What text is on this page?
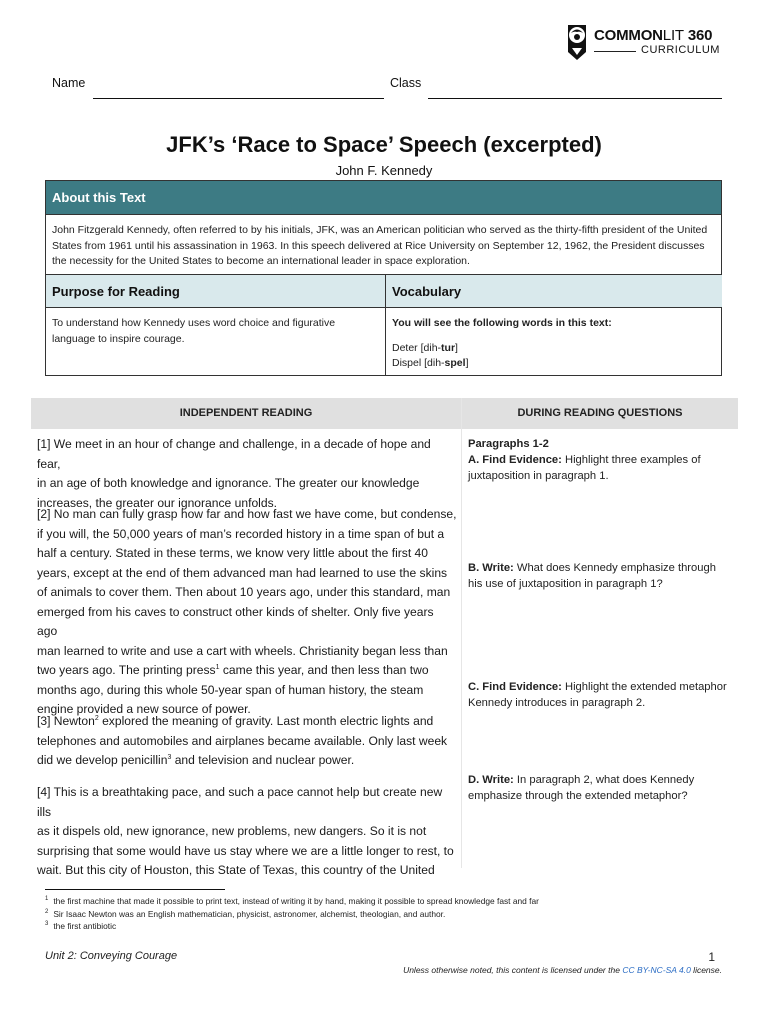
COMMONLIT 360
CURRICULUM
Name	Class
JFK’s ‘Race to Space’ Speech (excerpted)
John F. Kennedy
About this Text
John Fitzgerald Kennedy, often referred to by his initials, JFK, was an American politician who served as the thirty-fifth president of the United States from 1961 until his assassination in 1963. In this speech delivered at Rice University on September 12, 1962, the President discusses the necessity for the United States to become an international leader in space exploration.
Purpose for Reading	Vocabulary
To understand how Kennedy uses word choice and figurative language to inspire courage.
You will see the following words in this text:
Deter [dih-tur]
Dispel [dih-spel]
INDEPENDENT READING	DURING READING QUESTIONS

[1] We meet in an hour of change and challenge, in a decade of hope and fear,
in an age of both knowledge and ignorance. The greater our knowledge
increases, the greater our ignorance unfolds.

[2] No man can fully grasp how far and how fast we have come, but condense,
if you will, the 50,000 years of man’s recorded history in a time span of but a
half a century. Stated in these terms, we know very little about the first 40
years, except at the end of them advanced man had learned to use the skins
of animals to cover them. Then about 10 years ago, under this standard, man
emerged from his caves to construct other kinds of shelter. Only five years ago
man learned to write and use a cart with wheels. Christianity began less than
two years ago. The printing press$^1$ came this year, and then less than two
months ago, during this whole 50-year span of human history, the steam
engine provided a new source of power.

[3] Newton$^2$ explored the meaning of gravity. Last month electric lights and
telephones and automobiles and airplanes became available. Only last week
did we develop penicillin$^3$ and television and nuclear power.

[4] This is a breathtaking pace, and such a pace cannot help but create new ills
as it dispels old, new ignorance, new problems, new dangers. So it is not
surprising that some would have us stay where we are a little longer to rest, to
wait. But this city of Houston, this State of Texas, this country of the United

Paragraphs 1-2
A. Find Evidence: Highlight three examples of juxtaposition in paragraph 1.

B. Write: What does Kennedy emphasize through his use of juxtaposition in paragraph 1?

C. Find Evidence: Highlight the extended metaphor Kennedy introduces in paragraph 2.

D. Write: In paragraph 2, what does Kennedy emphasize through the extended metaphor?

$^1$ the first machine that made it possible to print text, instead of writing it by hand, making it possible to spread knowledge fast and far
$^2$ Sir Isaac Newton was an English mathematician, physicist, astronomer, alchemist, theologian, and author.
$^3$ the first antibiotic
Unit 2: Conveying Courage	1
Unless otherwise noted, this content is licensed under the CC BY-NC-SA 4.0 license.
